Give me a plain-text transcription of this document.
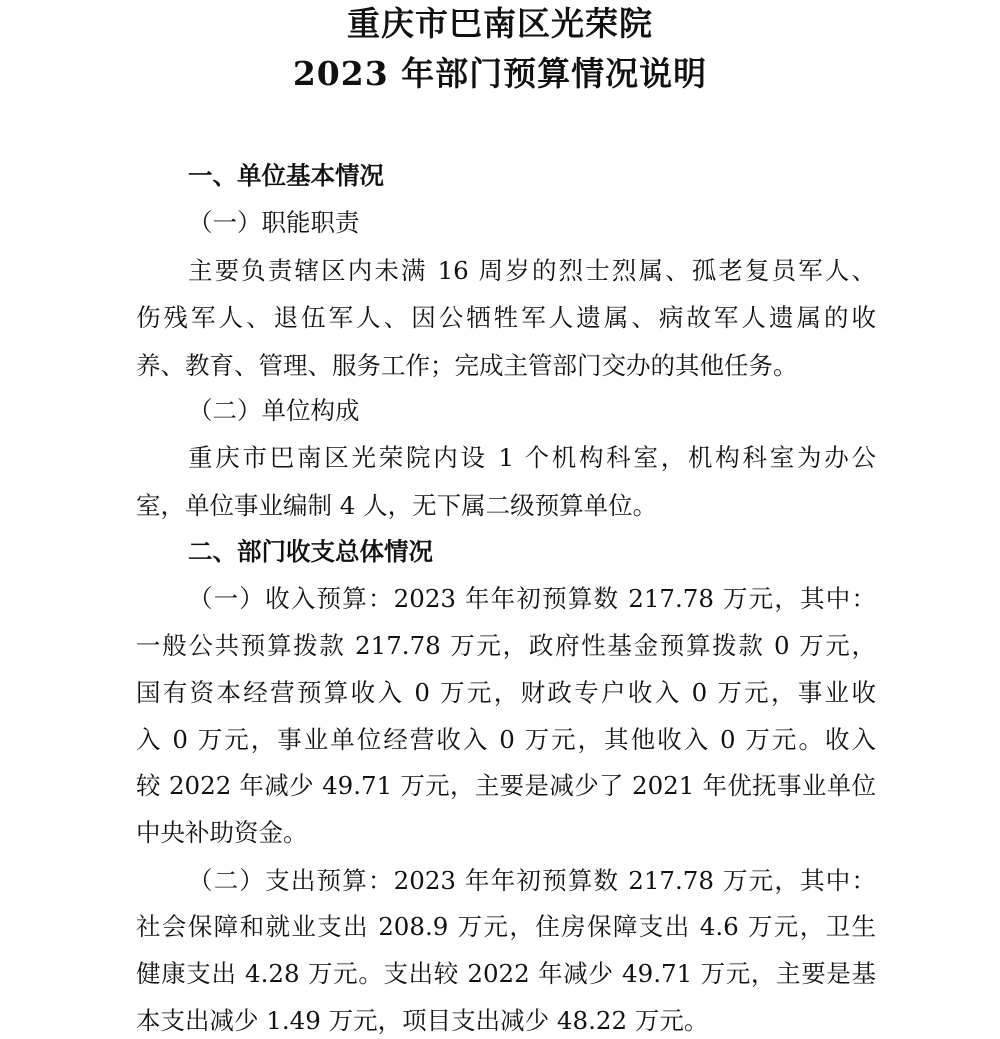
重庆市巴南区光荣院
2023 年部门预算情况说明
一、单位基本情况
（一）职能职责
主要负责辖区内未满 16 周岁的烈士烈属、孤老复员军人、
伤残军人、退伍军人、因公牺牲军人遗属、病故军人遗属的收
养、教育、管理、服务工作；完成主管部门交办的其他任务。
（二）单位构成
重庆市巴南区光荣院内设 1 个机构科室，机构科室为办公
室，单位事业编制 4 人，无下属二级预算单位。
二、部门收支总体情况
（一）收入预算：2023 年年初预算数 217.78 万元，其中：
一般公共预算拨款 217.78 万元，政府性基金预算拨款 0 万元，
国有资本经营预算收入 0 万元，财政专户收入 0 万元，事业收
入 0 万元，事业单位经营收入 0 万元，其他收入 0 万元。收入
较 2022 年减少 49.71 万元，主要是减少了 2021 年优抚事业单位
中央补助资金。
（二）支出预算：2023 年年初预算数 217.78 万元，其中：
社会保障和就业支出 208.9 万元，住房保障支出 4.6 万元，卫生
健康支出 4.28 万元。支出较 2022 年减少 49.71 万元，主要是基
本支出减少 1.49 万元，项目支出减少 48.22 万元。
